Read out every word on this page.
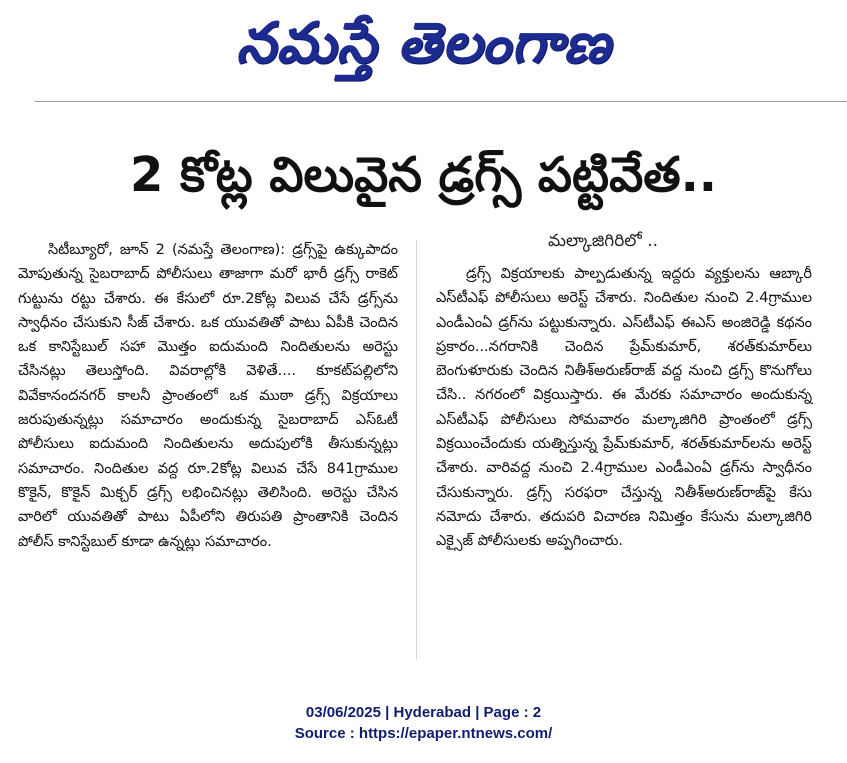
నమస్తే తెలంగాణ
2 కోట్ల విలువైన డ్రగ్స్ పట్టివేత..
మల్కాజిగిరిలో ..

సిటీబ్యూరో, జూన్ 2 (నమస్తే తెలంగాణ): డ్రగ్స్‌పై ఉక్కుపాదం మోపుతున్న సైబరాబాద్ పోలీసులు తాజాగా మరో భారీ డ్రగ్స్ రాకెట్ గుట్టును రట్టు చేశారు. ఈ కేసులో రూ.2కోట్ల విలువ చేసే డ్రగ్స్‌ను స్వాధీనం చేసుకుని సీజ్ చేశారు. ఒక యువతితో పాటు ఏపీకి చెందిన ఒక కానిస్టేబుల్ సహా మొత్తం ఐదుమంది నిందితులను అరెస్టు చేసినట్లు తెలుస్తోంది. వివరాల్లోకి వెళితే.... కూకట్‌పల్లిలోని వివేకానందనగర్ కాలనీ ప్రాంతంలో ఒక ముఠా డ్రగ్స్ విక్రయాలు జరుపుతున్నట్లు సమాచారం అందుకున్న సైబరాబాద్ ఎస్‌ఓటీ పోలీసులు ఐదుమంది నిందితులను అదుపులోకి తీసుకున్నట్లు సమాచారం. నిందితుల వద్ద రూ.2కోట్ల విలువ చేసే 841గ్రాముల కొకైన్, కొకైన్ మిక్చర్ డ్రగ్స్ లభించినట్లు తెలిసింది. అరెస్టు చేసిన వారిలో యువతితో పాటు ఏపీలోని తిరుపతి ప్రాంతానికి చెందిన పోలీస్ కానిస్టేబుల్ కూడా ఉన్నట్లు సమాచారం.

డ్రగ్స్ విక్రయాలకు పాల్పడుతున్న ఇద్దరు వ్యక్తులను ఆబ్కారీ ఎస్‌టీఎఫ్ పోలీసులు అరెస్ట్ చేశారు. నిందితుల నుంచి 2.4గ్రాముల ఎండీఎంఏ డ్రగ్‌ను పట్టుకున్నారు. ఎస్‌టీఎఫ్ ఈఎస్ అంజిరెడ్డి కథనం ప్రకారం...నగరానికి చెందిన ప్రేమ్‌కుమార్, శరత్‌కుమార్‌లు బెంగుళూరుకు చెందిన నితీశ్‌అరుణ్‌రాజ్ వద్ద నుంచి డ్రగ్స్ కొనుగోలు చేసి.. నగరంలో విక్రయిస్తారు. ఈ మేరకు సమాచారం అందుకున్న ఎస్‌టీఎఫ్ పోలీసులు సోమవారం మల్కాజిగిరి ప్రాంతంలో డ్రగ్స్ విక్రయించేందుకు యత్నిస్తున్న ప్రేమ్‌కుమార్, శరత్‌కుమార్‌లను అరెస్ట్ చేశారు. వారివద్ద నుంచి 2.4గ్రాముల ఎండీఎంఏ డ్రగ్‌ను స్వాధీనం చేసుకున్నారు. డ్రగ్స్ సరఫరా చేస్తున్న నితీశ్‌అరుణ్‌రాజ్‌పై కేసు నమోదు చేశారు. తదుపరి విచారణ నిమిత్తం కేసును మల్కాజిగిరి ఎక్సైజ్ పోలీసులకు అప్పగించారు.

03/06/2025 | Hyderabad | Page : 2
Source : https://epaper.ntnews.com/
